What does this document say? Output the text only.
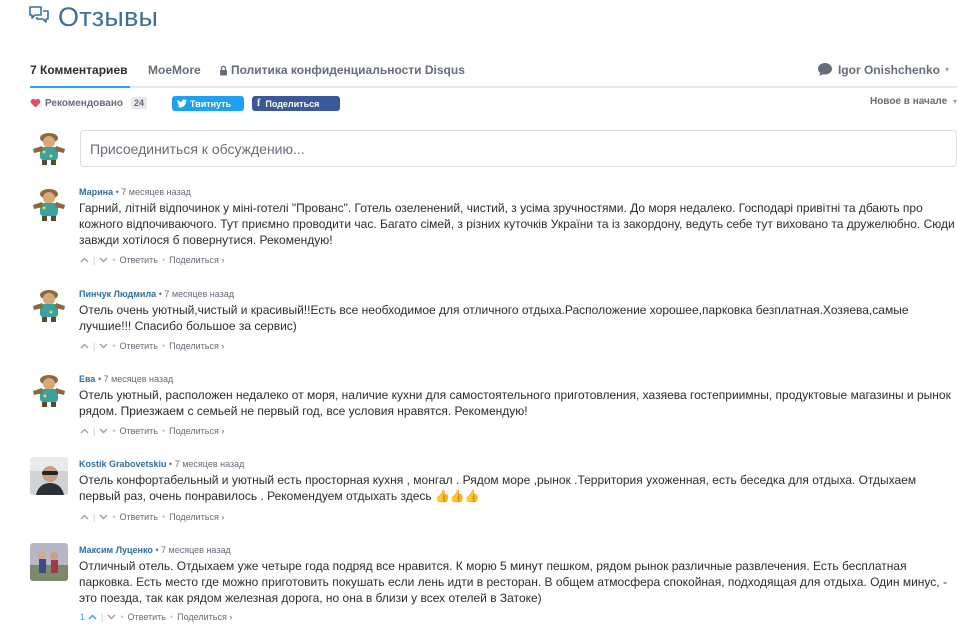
Отзывы
7 Комментариев MoeMore	Политика конфиденциальности Disqus	Igor Onishchenko ▾
Рекомендовано	24	Твитнуть	f Поделиться	Новое в начале ▾
Присоединиться к обсуждению...
Марина • 7 месяцев назад
Гарний, літній відпочинок у міні-готелі "Прованс". Готель озеленений, чистий, з усіма зручностями. До моря недалеко. Господарі привітні та дбають про кожного відпочиваючого. Тут приємно проводити час. Багато сімей, з різних куточків України та із закордону, ведуть себе тут виховано та дружелюбно. Сюди завжди хотілося б повернутися. Рекомендую!
| • Ответить • Поделиться ›
Пинчук Людмила • 7 месяцев назад
Отель очень уютный,чистый и красивый!!Есть все необходимое для отличного отдыха.Расположение хорошее,парковка безплатная.Хозяева,самые лучшие!!! Спасибо большое за сервис)
| • Ответить • Поделиться ›
Ева • 7 месяцев назад
Отель уютный, расположен недалеко от моря, наличие кухни для самостоятельного приготовления, хазяева гостеприимны, продуктовые магазины и рынок рядом. Приезжаем с семьей не первый год, все условия нравятся. Рекомендую!
| • Ответить • Поделиться ›
Kostik Grabovetskiu • 7 месяцев назад
Отель конфортабельный и уютный есть просторная кухня , монгал . Рядом море ,рынок .Территория ухоженная, есть беседка для отдыха. Отдыхаем первый раз, очень понравилось . Рекомендуем отдыхать здесь 👍👍👍
| • Ответить • Поделиться ›
Максим Луценко • 7 месяцев назад
Отличный отель. Отдыхаем уже четыре года подряд все нравится. К морю 5 минут пешком, рядом рынок различные развлечения. Есть бесплатная парковка. Есть место где можно приготовить покушать если лень идти в ресторан. В общем атмосфера спокойная, подходящая для отдыха. Один минус, - это поезда, так как рядом железная дорога, но она в близи у всех отелей в Затоке)
1 | • Ответить • Поделиться ›
